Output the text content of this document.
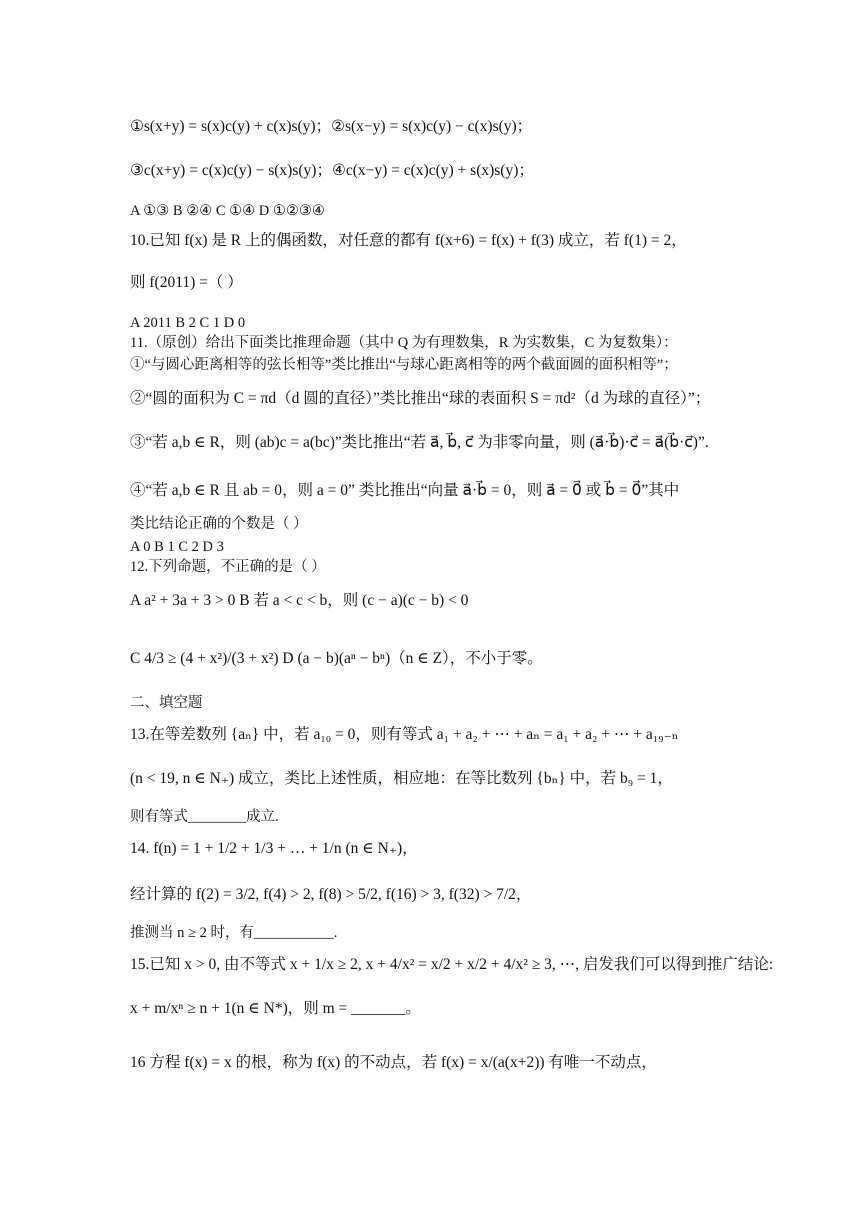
①s(x+y) = s(x)c(y) + c(x)s(y)；②s(x−y) = s(x)c(y) − c(x)s(y)；
③c(x+y) = c(x)c(y) − s(x)s(y)；④c(x−y) = c(x)c(y) + s(x)s(y)；
A ①③ B ②④ C ①④ D ①②③④
10.已知 f(x) 是 R 上的偶函数，对任意的都有 f(x+6) = f(x) + f(3) 成立，若 f(1) = 2，
则 f(2011) =（ ）
A 2011 B 2 C 1 D 0
11.（原创）给出下面类比推理命题（其中 Q 为有理数集，R 为实数集，C 为复数集）：
①“与圆心距离相等的弦长相等”类比推出“与球心距离相等的两个截面圆的面积相等”；
②“圆的面积为 C = πd（d 圆的直径）”类比推出“球的表面积 S = πd²（d 为球的直径）”；
③“若 a,b ∈ R，则 (ab)c = a(bc)”类比推出“若 a⃗, b⃗, c⃗ 为非零向量，则 (a⃗·b⃗)·c⃗ = a⃗(b⃗·c⃗)”.
④“若 a,b ∈ R 且 ab = 0，则 a = 0” 类比推出“向量 a⃗·b⃗ = 0，则 a⃗ = 0⃗ 或 b⃗ = 0⃗”其中
类比结论正确的个数是（ ）
A 0 B 1 C 2 D 3
12.下列命题，不正确的是（ ）
A a² + 3a + 3 > 0 B 若 a < c < b，则 (c − a)(c − b) < 0
C 4/3 ≥ (4 + x²)/(3 + x²) D (a − b)(aⁿ − bⁿ)（n ∈ Z），不小于零。
二、填空题
13.在等差数列 {aₙ} 中，若 a₁₀ = 0，则有等式 a₁ + a₂ + ⋯ + aₙ = a₁ + a₂ + ⋯ + a₁₉₋ₙ
(n < 19, n ∈ N₊) 成立，类比上述性质，相应地：在等比数列 {bₙ} 中，若 b₉ = 1，
则有等式________成立.
14. f(n) = 1 + 1/2 + 1/3 + … + 1/n (n ∈ N₊)，
经计算的 f(2) = 3/2, f(4) > 2, f(8) > 5/2, f(16) > 3, f(32) > 7/2，
推测当 n ≥ 2 时，有___________.
15.已知 x > 0, 由不等式 x + 1/x ≥ 2, x + 4/x² = x/2 + x/2 + 4/x² ≥ 3, ⋯, 启发我们可以得到推广结论:
x + m/xⁿ ≥ n + 1(n ∈ N*)，则 m = _______。
16 方程 f(x) = x 的根，称为 f(x) 的不动点，若 f(x) = x/(a(x+2)) 有唯一不动点，
